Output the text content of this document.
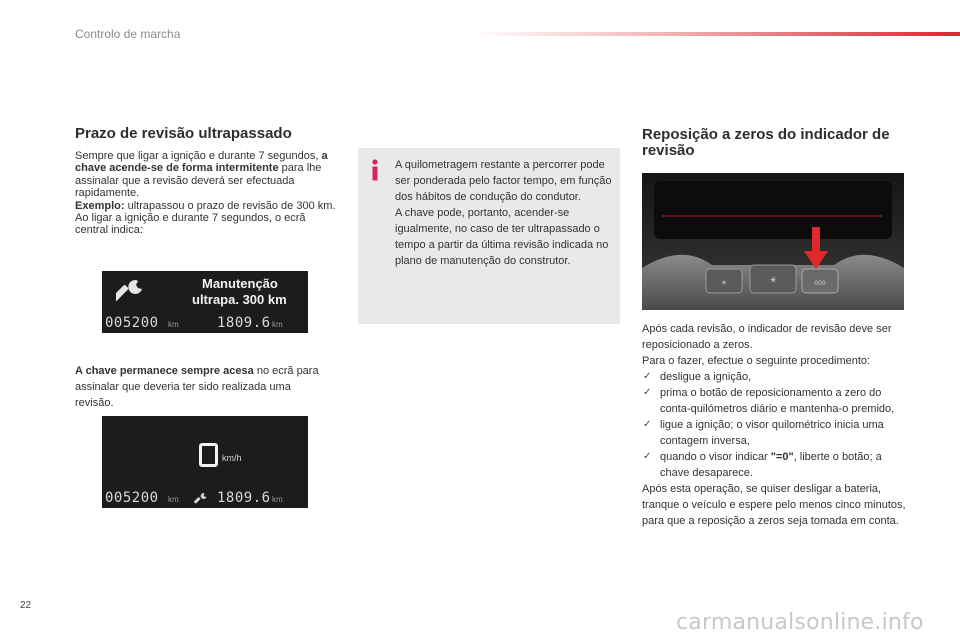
Controlo de marcha
Prazo de revisão ultrapassado
Sempre que ligar a ignição e durante 7 segundos, a chave acende-se de forma intermitente para lhe assinalar que a revisão deverá ser efectuada rapidamente.
Exemplo: ultrapassou o prazo de revisão de 300 km.
Ao ligar a ignição e durante 7 segundos, o ecrã central indica:
Manutenção
ultrapa. 300 km
005200 km	1809.6 km
A chave permanece sempre acesa no ecrã para assinalar que deveria ter sido realizada uma revisão.
km/h
005200 km	1809.6 km
A quilometragem restante a percorrer pode ser ponderada pelo factor tempo, em função dos hábitos de condução do condutor.
A chave pode, portanto, acender-se igualmente, no caso de ter ultrapassado o tempo a partir da última revisão indicada no plano de manutenção do construtor.
Reposição a zeros do indicador de revisão
☀	☀	000
Após cada revisão, o indicador de revisão deve ser reposicionado a zeros.
Para o fazer, efectue o seguinte procedimento:
✓ desligue a ignição,
✓ prima o botão de reposicionamento a zero do conta-quilómetros diário e mantenha-o premido,
✓ ligue a ignição; o visor quilométrico inicia uma contagem inversa,
✓ quando o visor indicar "=0", liberte o botão; a chave desaparece.
Após esta operação, se quiser desligar a bateria, tranque o veículo e espere pelo menos cinco minutos, para que a reposição a zeros seja tomada em conta.
22
carmanualsonline.info
